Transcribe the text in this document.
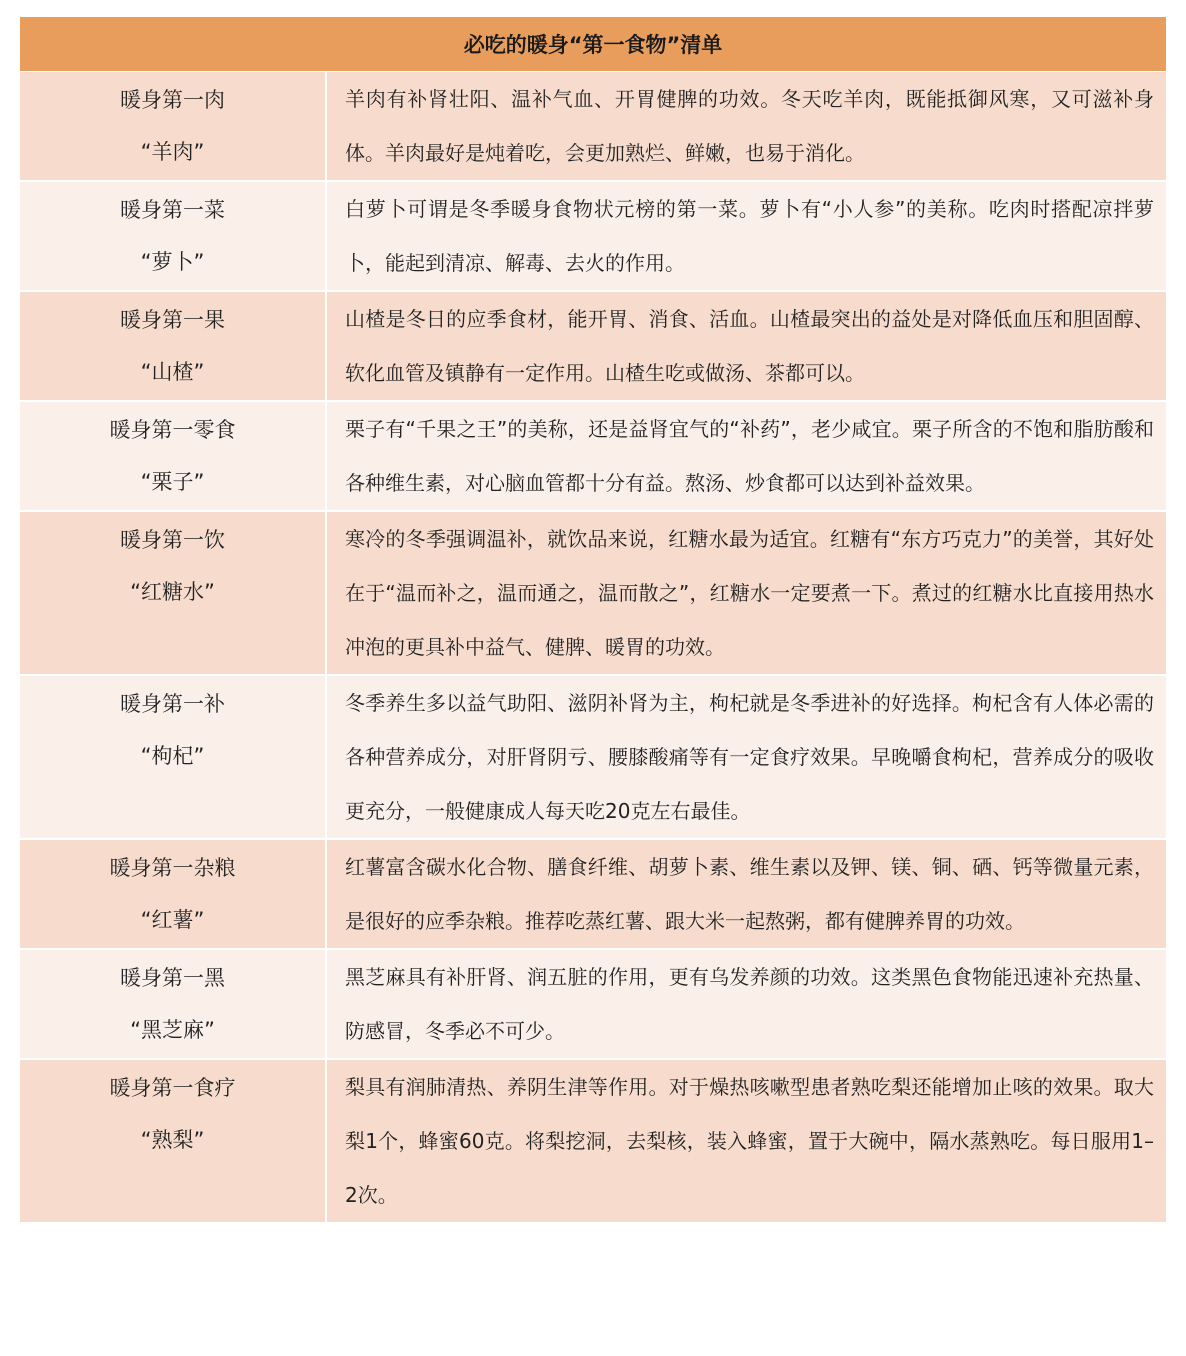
必吃的暖身“第一食物”清单	

暖身第一肉
“羊肉”	羊肉有补肾壮阳、温补气血、开胃健脾的功效。冬天吃羊肉，既能抵御风寒，又可滋补身体。羊肉最好是炖着吃，会更加熟烂、鲜嫩，也易于消化。

暖身第一菜
“萝卜”	白萝卜可谓是冬季暖身食物状元榜的第一菜。萝卜有“小人参”的美称。吃肉时搭配凉拌萝卜，能起到清凉、解毒、去火的作用。

暖身第一果
“山楂”	山楂是冬日的应季食材，能开胃、消食、活血。山楂最突出的益处是对降低血压和胆固醇、软化血管及镇静有一定作用。山楂生吃或做汤、茶都可以。

暖身第一零食
“栗子”	栗子有“千果之王”的美称，还是益肾宜气的“补药”，老少咸宜。栗子所含的不饱和脂肪酸和各种维生素，对心脑血管都十分有益。熬汤、炒食都可以达到补益效果。

暖身第一饮
“红糖水”	寒冷的冬季强调温补，就饮品来说，红糖水最为适宜。红糖有“东方巧克力”的美誉，其好处在于“温而补之，温而通之，温而散之”，红糖水一定要煮一下。煮过的红糖水比直接用热水冲泡的更具补中益气、健脾、暖胃的功效。

暖身第一补
“枸杞”	冬季养生多以益气助阳、滋阴补肾为主，枸杞就是冬季进补的好选择。枸杞含有人体必需的各种营养成分，对肝肾阴亏、腰膝酸痛等有一定食疗效果。早晚嚼食枸杞，营养成分的吸收更充分，一般健康成人每天吃20克左右最佳。

暖身第一杂粮
“红薯”	红薯富含碳水化合物、膳食纤维、胡萝卜素、维生素以及钾、镁、铜、硒、钙等微量元素，是很好的应季杂粮。推荐吃蒸红薯、跟大米一起熬粥，都有健脾养胃的功效。

暖身第一黑
“黑芝麻”	黑芝麻具有补肝肾、润五脏的作用，更有乌发养颜的功效。这类黑色食物能迅速补充热量、防感冒，冬季必不可少。

暖身第一食疗
“熟梨”	梨具有润肺清热、养阴生津等作用。对于燥热咳嗽型患者熟吃梨还能增加止咳的效果。取大梨1个，蜂蜜60克。将梨挖洞，去梨核，装入蜂蜜，置于大碗中，隔水蒸熟吃。每日服用1–2次。
